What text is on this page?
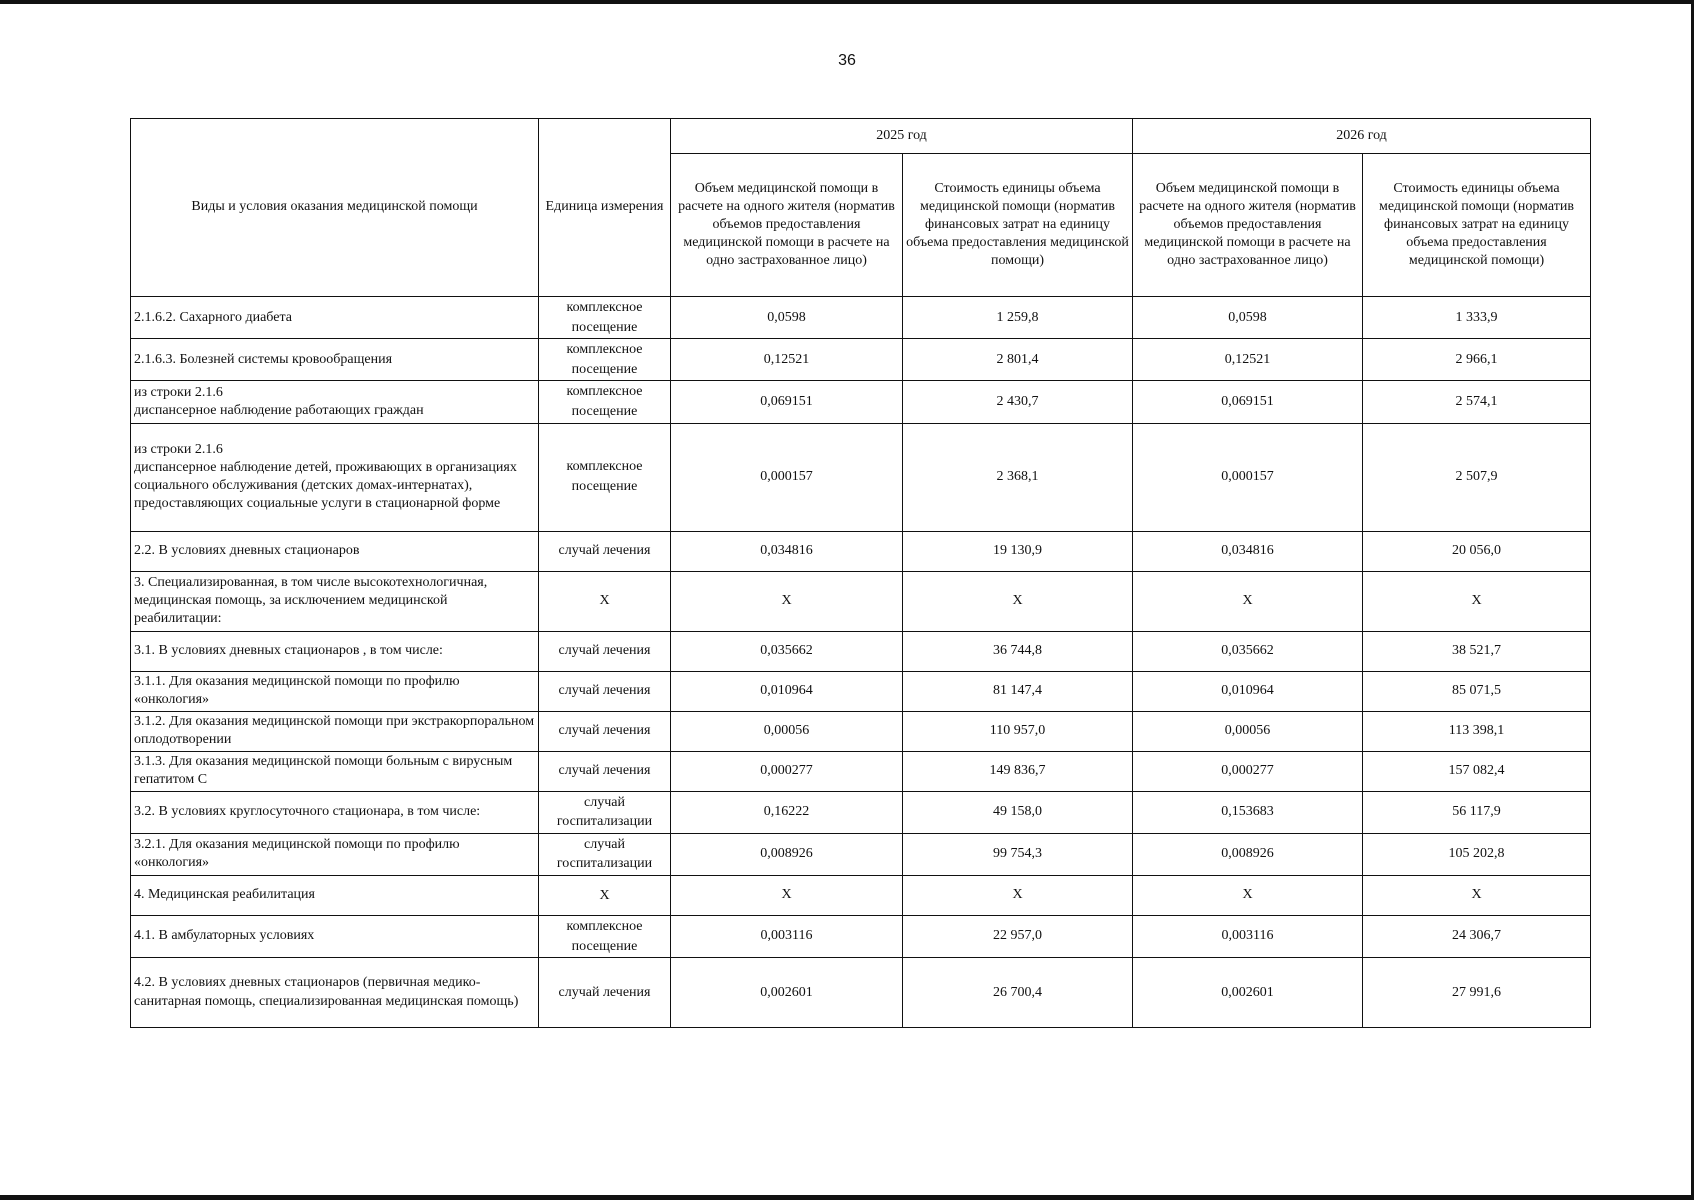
36
Виды и условия оказания медицинской помощи	Единица измерения	2025 год		2026 год	
		Объем медицинской помощи в расчете на одного жителя (норматив объемов предоставления медицинской помощи в расчете на одно застрахованное лицо)	Стоимость единицы объема медицинской помощи (норматив финансовых затрат на единицу объема предоставления медицинской помощи)	Объем медицинской помощи в расчете на одного жителя (норматив объемов предоставления медицинской помощи в расчете на одно застрахованное лицо)	Стоимость единицы объема медицинской помощи (норматив финансовых затрат на единицу объема предоставления медицинской помощи)
2.1.6.2. Сахарного диабета	комплексное посещение	0,0598	1 259,8	0,0598	1 333,9
2.1.6.3. Болезней системы кровообращения	комплексное посещение	0,12521	2 801,4	0,12521	2 966,1
из строки 2.1.6
диспансерное наблюдение работающих граждан	комплексное посещение	0,069151	2 430,7	0,069151	2 574,1
из строки 2.1.6
диспансерное наблюдение детей, проживающих в организациях социального обслуживания (детских домах-интернатах), предоставляющих социальные услуги в стационарной форме	комплексное посещение	0,000157	2 368,1	0,000157	2 507,9
2.2. В условиях дневных стационаров	случай лечения	0,034816	19 130,9	0,034816	20 056,0
3. Специализированная, в том числе высокотехнологичная, медицинская помощь, за исключением медицинской реабилитации:	Х	Х	Х	Х	Х
3.1. В условиях дневных стационаров , в том числе:	случай лечения	0,035662	36 744,8	0,035662	38 521,7
3.1.1. Для оказания медицинской помощи по профилю «онкология»	случай лечения	0,010964	81 147,4	0,010964	85 071,5
3.1.2. Для оказания медицинской помощи при экстракорпоральном оплодотворении	случай лечения	0,00056	110 957,0	0,00056	113 398,1
3.1.3. Для оказания медицинской помощи больным с вирусным гепатитом С	случай лечения	0,000277	149 836,7	0,000277	157 082,4
3.2. В условиях круглосуточного стационара, в том числе:	случай госпитализации	0,16222	49 158,0	0,153683	56 117,9
3.2.1. Для оказания медицинской помощи по профилю «онкология»	случай госпитализации	0,008926	99 754,3	0,008926	105 202,8
4. Медицинская реабилитация	Х	Х	Х	Х	Х
4.1. В амбулаторных условиях	комплексное посещение	0,003116	22 957,0	0,003116	24 306,7
4.2. В условиях дневных стационаров (первичная медико-санитарная помощь, специализированная медицинская помощь)	случай лечения	0,002601	26 700,4	0,002601	27 991,6
